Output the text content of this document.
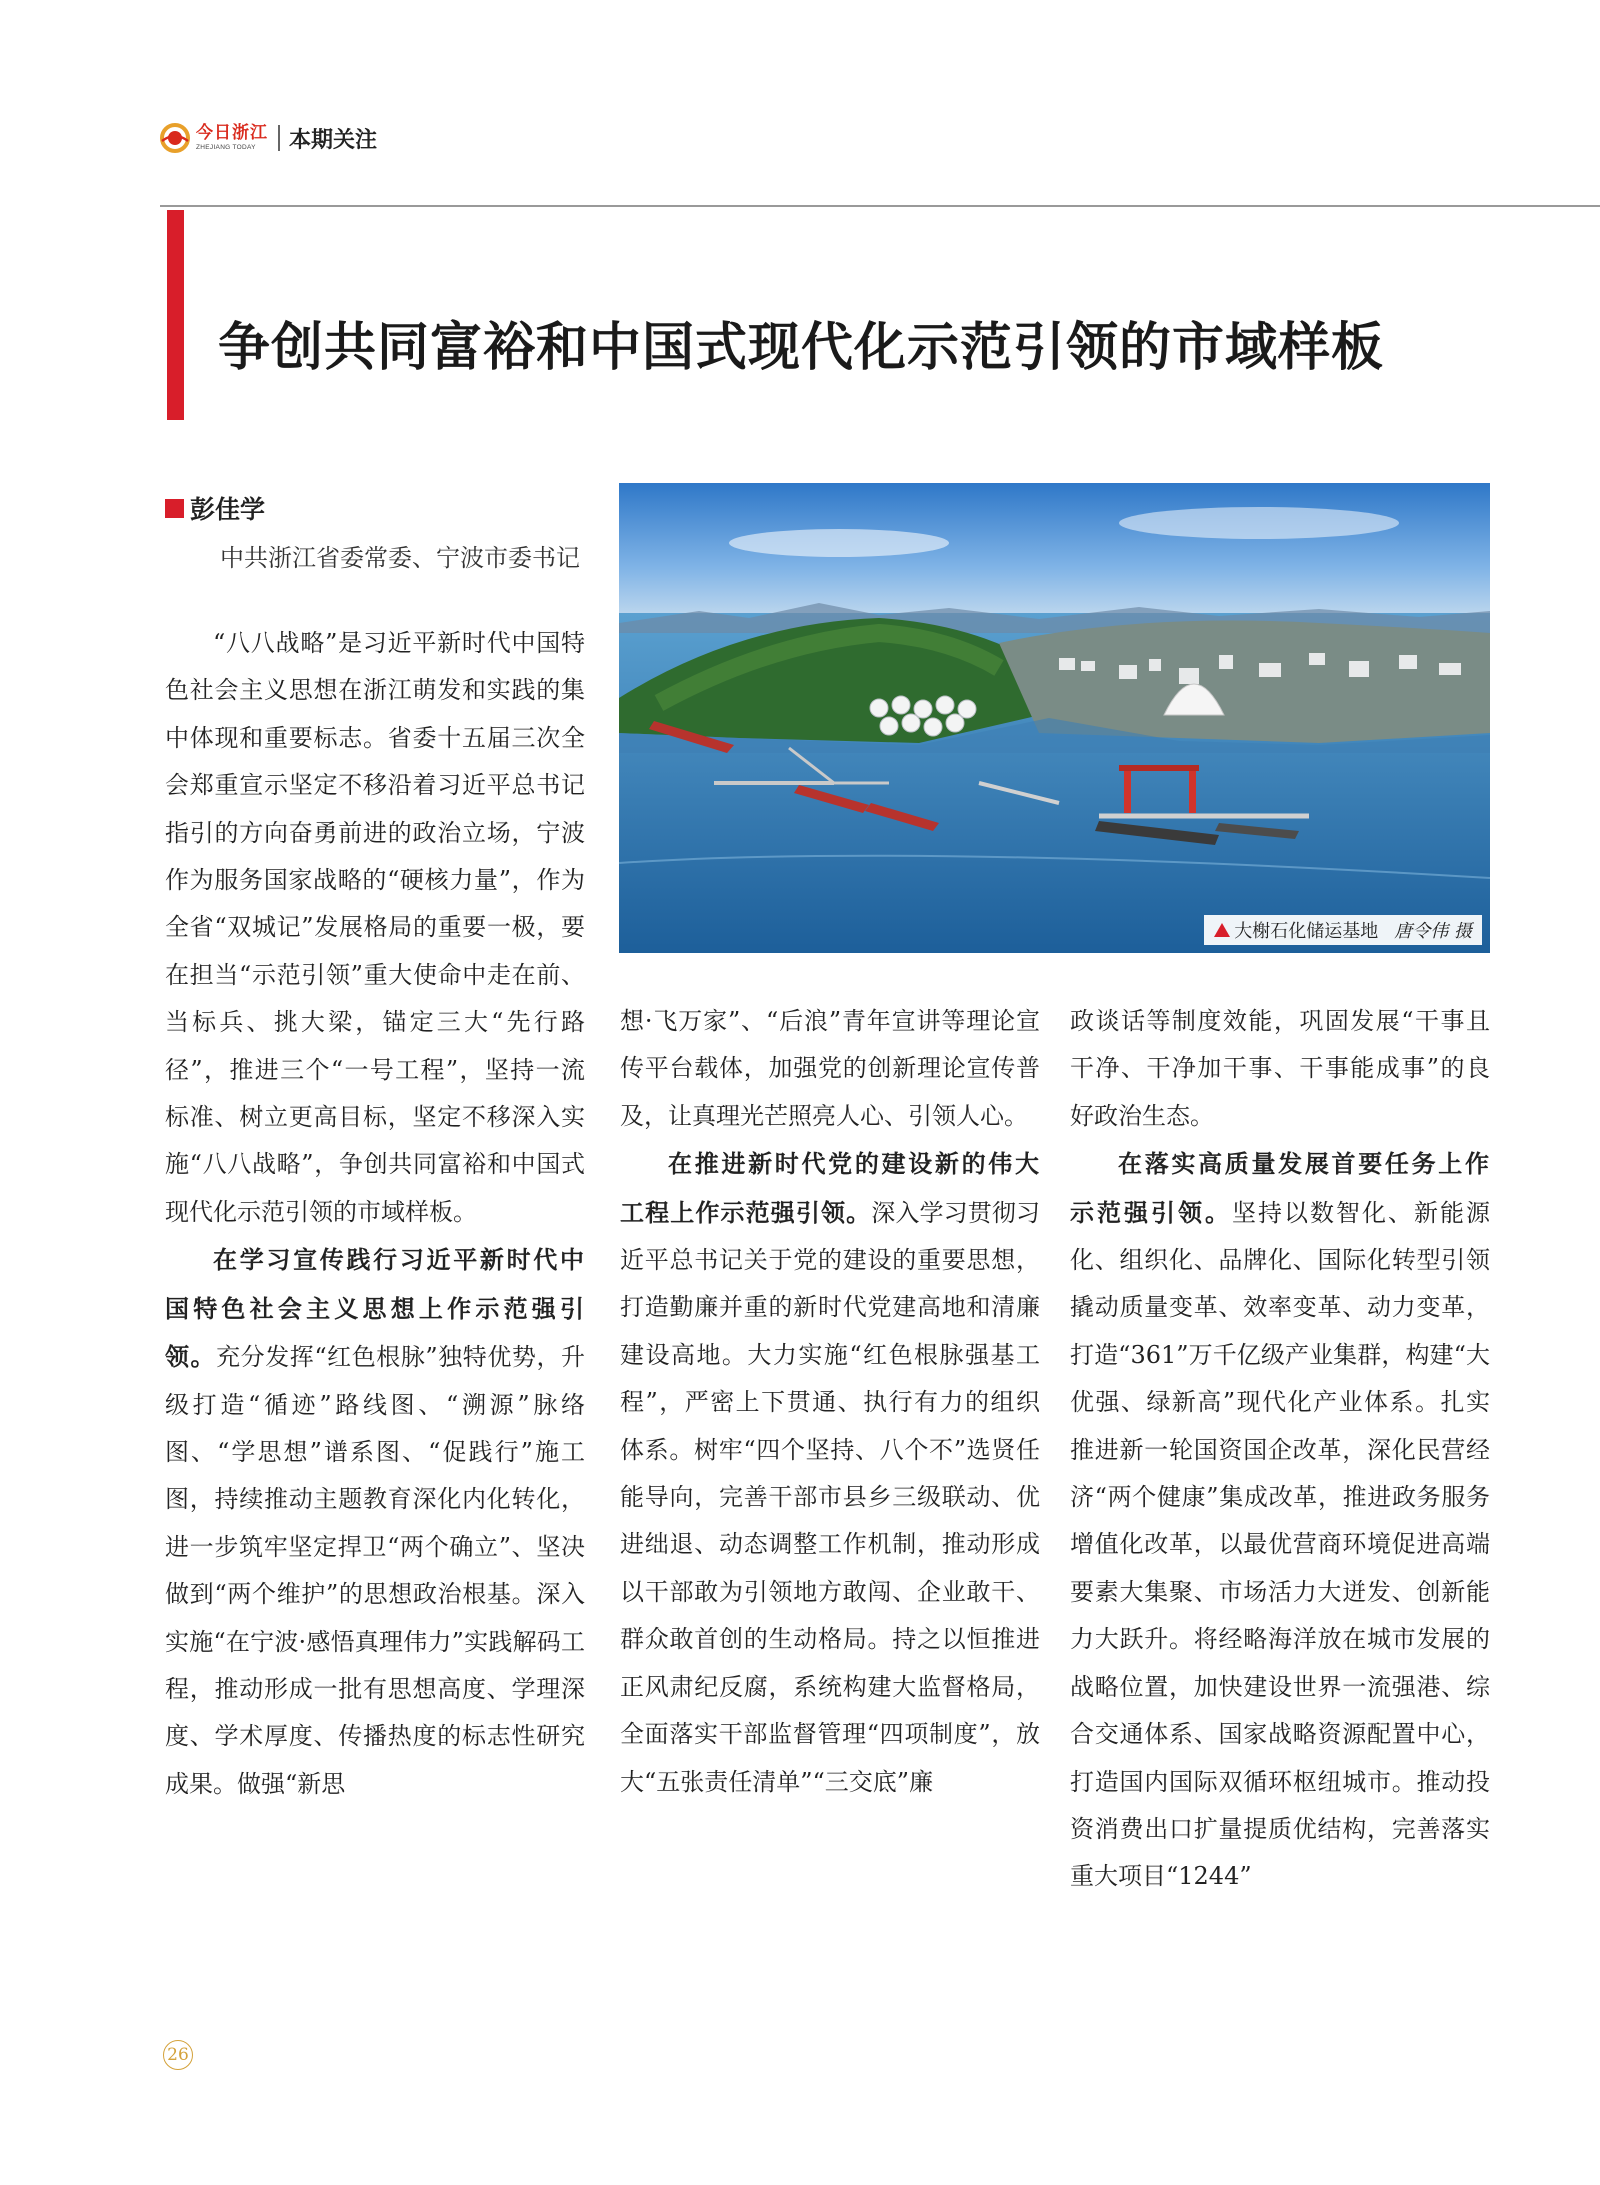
今日浙江
ZHEJIANG TODAY	本期关注
争创共同富裕和中国式现代化示范引领的市域样板
彭佳学
中共浙江省委常委、宁波市委书记
大榭石化储运基地 唐令伟 摄

“八八战略”是习近平新时代中国特色社会主义思想在浙江萌发和实践的集中体现和重要标志。省委十五届三次全会郑重宣示坚定不移沿着习近平总书记指引的方向奋勇前进的政治立场，宁波作为服务国家战略的“硬核力量”，作为全省“双城记”发展格局的重要一极，要在担当“示范引领”重大使命中走在前、当标兵、挑大梁，锚定三大“先行路径”，推进三个“一号工程”，坚持一流标准、树立更高目标，坚定不移深入实施“八八战略”，争创共同富裕和中国式现代化示范引领的市域样板。

在学习宣传践行习近平新时代中国特色社会主义思想上作示范强引领。充分发挥“红色根脉”独特优势，升级打造“循迹”路线图、“溯源”脉络图、“学思想”谱系图、“促践行”施工图，持续推动主题教育深化内化转化，进一步筑牢坚定捍卫“两个确立”、坚决做到“两个维护”的思想政治根基。深入实施“在宁波·感悟真理伟力”实践解码工程，推动形成一批有思想高度、学理深度、学术厚度、传播热度的标志性研究成果。做强“新思

想·飞万家”、“后浪”青年宣讲等理论宣传平台载体，加强党的创新理论宣传普及，让真理光芒照亮人心、引领人心。

在推进新时代党的建设新的伟大工程上作示范强引领。深入学习贯彻习近平总书记关于党的建设的重要思想，打造勤廉并重的新时代党建高地和清廉建设高地。大力实施“红色根脉强基工程”，严密上下贯通、执行有力的组织体系。树牢“四个坚持、八个不”选贤任能导向，完善干部市县乡三级联动、优进绌退、动态调整工作机制，推动形成以干部敢为引领地方敢闯、企业敢干、群众敢首创的生动格局。持之以恒推进正风肃纪反腐，系统构建大监督格局，全面落实干部监督管理“四项制度”，放大“五张责任清单”“三交底”廉

政谈话等制度效能，巩固发展“干事且干净、干净加干事、干事能成事”的良好政治生态。

在落实高质量发展首要任务上作示范强引领。坚持以数智化、新能源化、组织化、品牌化、国际化转型引领撬动质量变革、效率变革、动力变革，打造“361”万千亿级产业集群，构建“大优强、绿新高”现代化产业体系。扎实推进新一轮国资国企改革，深化民营经济“两个健康”集成改革，推进政务服务增值化改革，以最优营商环境促进高端要素大集聚、市场活力大迸发、创新能力大跃升。将经略海洋放在城市发展的战略位置，加快建设世界一流强港、综合交通体系、国家战略资源配置中心，打造国内国际双循环枢纽城市。推动投资消费出口扩量提质优结构，完善落实重大项目“1244”

26
